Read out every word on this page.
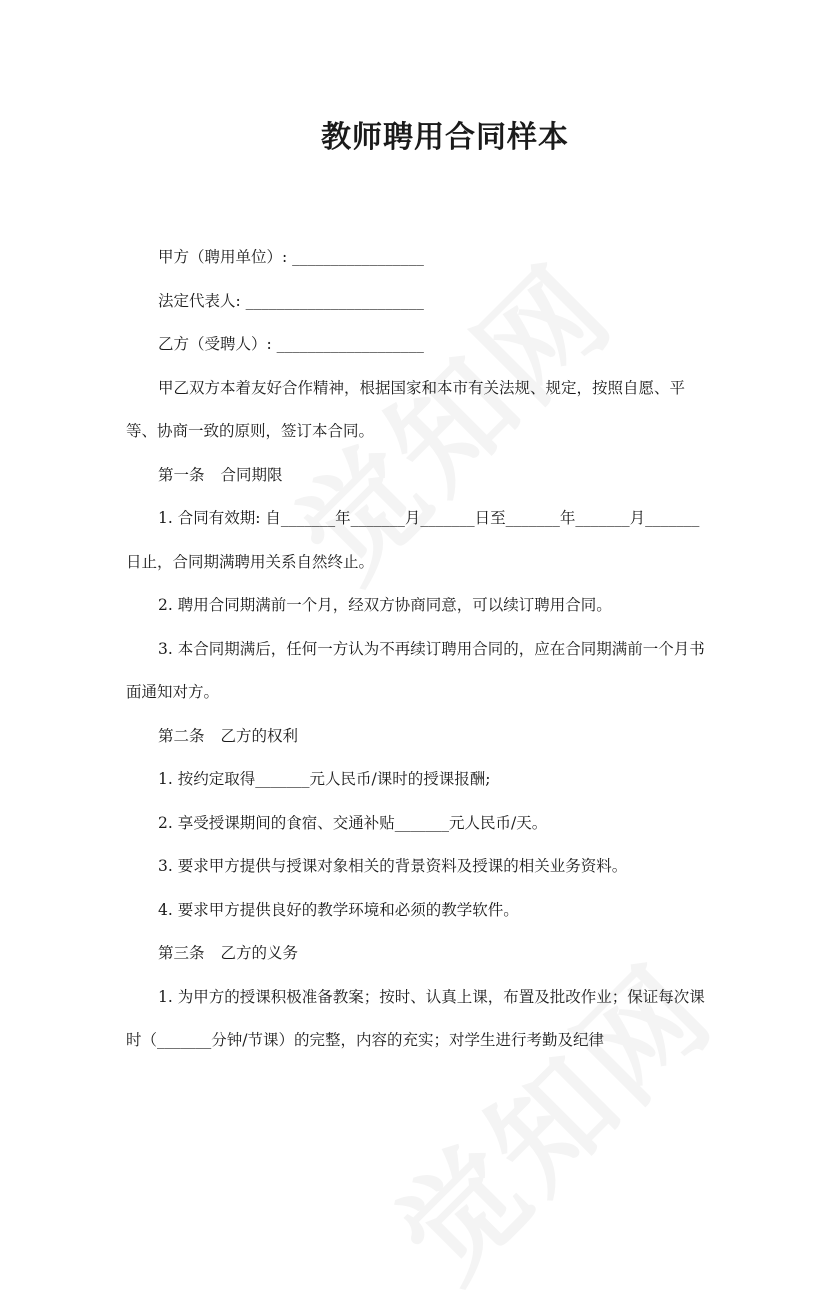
教师聘用合同样本

甲方（聘用单位）: _________________

法定代表人: _______________________

乙方（受聘人）: ___________________

甲乙双方本着友好合作精神，根据国家和本市有关法规、规定，按照自愿、平等、协商一致的原则，签订本合同。

第一条 合同期限

1. 合同有效期: 自_______年_______月_______日至_______年_______月_______日止，合同期满聘用关系自然终止。

2. 聘用合同期满前一个月，经双方协商同意，可以续订聘用合同。

3. 本合同期满后，任何一方认为不再续订聘用合同的，应在合同期满前一个月书面通知对方。

第二条 乙方的权利

1. 按约定取得_______元人民币/课时的授课报酬;

2. 享受授课期间的食宿、交通补贴_______元人民币/天。

3. 要求甲方提供与授课对象相关的背景资料及授课的相关业务资料。

4. 要求甲方提供良好的教学环境和必须的教学软件。

第三条 乙方的义务

1. 为甲方的授课积极准备教案；按时、认真上课，布置及批改作业；保证每次课时（_______分钟/节课）的完整，内容的充实；对学生进行考勤及纪律
